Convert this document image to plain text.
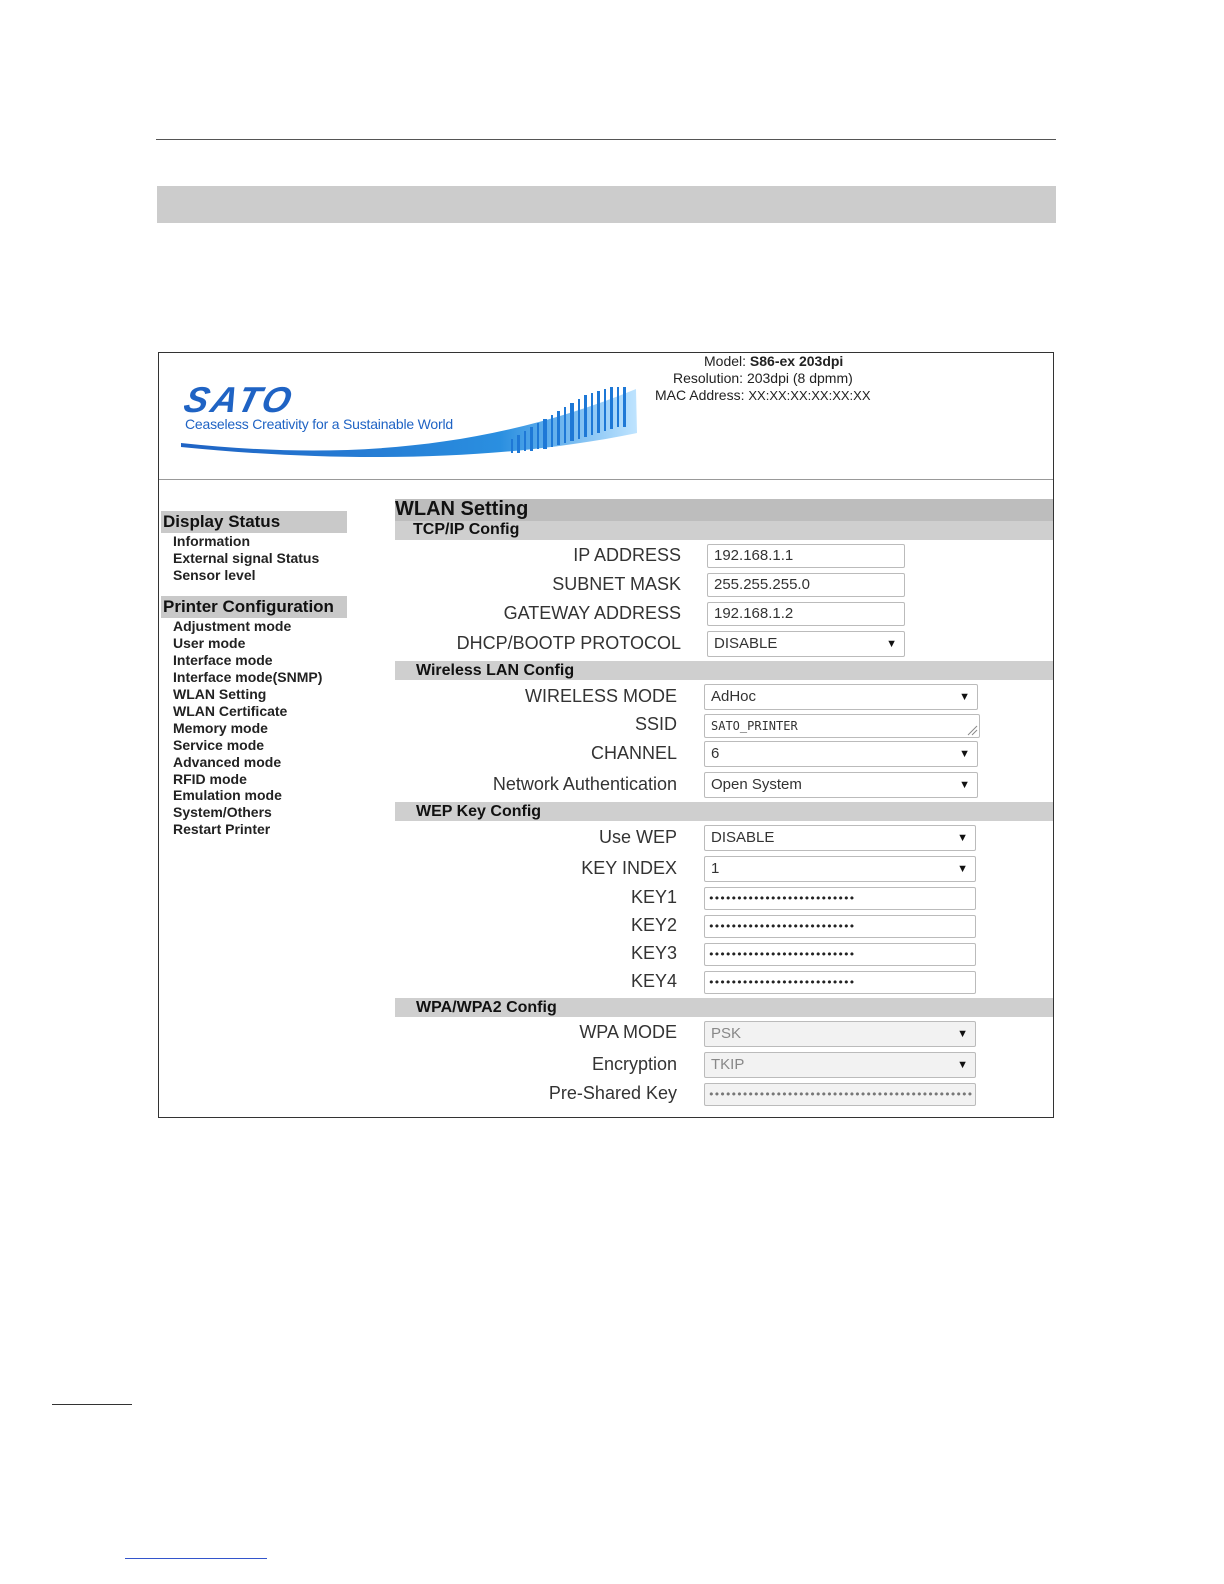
SATO
Ceaseless Creativity for a Sustainable World
Model: S86-ex 203dpi
Resolution: 203dpi (8 dpmm)
MAC Address: XX:XX:XX:XX:XX:XX
Display Status
Information
External signal Status
Sensor level
Printer Configuration
Adjustment mode
User mode
Interface mode
Interface mode(SNMP)
WLAN Setting
WLAN Certificate
Memory mode
Service mode
Advanced mode
RFID mode
Emulation mode
System/Others
Restart Printer
WLAN Setting
TCP/IP Config
IP ADDRESS	192.168.1.1
SUBNET MASK	255.255.255.0
GATEWAY ADDRESS	192.168.1.2
DHCP/BOOTP PROTOCOL	DISABLE	▼
Wireless LAN Config
WIRELESS MODE	AdHoc	▼
SSID	SATO_PRINTER
CHANNEL	6	▼
Network Authentication	Open System	▼
WEP Key Config
Use WEP	DISABLE	▼
KEY INDEX	1	▼
KEY1	••••••••••••••••••••••••••
KEY2	••••••••••••••••••••••••••
KEY3	••••••••••••••••••••••••••
KEY4	••••••••••••••••••••••••••
WPA/WPA2 Config
WPA MODE	PSK	▼
Encryption	TKIP	▼
Pre-Shared Key	•••••••••••••••••••••••••••••••••••••••••••••••
